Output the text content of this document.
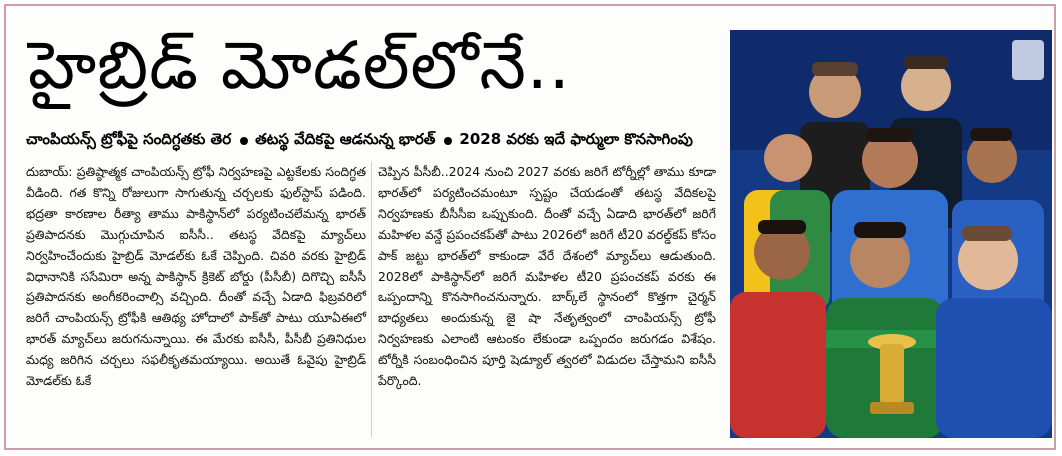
హైబ్రిడ్ మోడల్‌లోనే..
చాంపియన్స్ ట్రోఫీపై సందిగ్ధతకు తెర తటస్థ వేదికపై ఆడనున్న భారత్ 2028 వరకు ఇదే ఫార్ములా కొనసాగింపు

దుబాయ్: ప్రతిష్ఠాత్మక చాంపియన్స్ ట్రోఫీ నిర్వహణపై ఎట్టకేలకు సందిగ్ధత వీడింది. గత కొన్ని రోజులుగా సాగుతున్న చర్చలకు ఫుల్‌స్టాప్ పడింది. భద్రతా కారణాల రీత్యా తాము పాకిస్థాన్‌లో పర్యటించలేమన్న భారత్ ప్రతిపాదనకు మొగ్గుచూపిన ఐసీసీ.. తటస్థ వేదికపై మ్యాచ్‌లు నిర్వహించేందుకు హైబ్రిడ్ మోడల్‌కు ఓకే చెప్పింది. చివరి వరకు హైబ్రిడ్ విధానానికి ససేమిరా అన్న పాకిస్థాన్ క్రికెట్ బోర్డు (పీసీబీ) దిగొచ్చి ఐసీసీ ప్రతిపాదనకు అంగీకరించాల్సి వచ్చింది. దీంతో వచ్చే ఏడాది ఫిబ్రవరిలో జరిగే చాంపియన్స్ ట్రోఫీకి ఆతిథ్య హోదాలో పాక్‌తో పాటు యూఏఈలో భారత్ మ్యాచ్‌లు జరుగనున్నాయి. ఈ మేరకు ఐసీసీ, పీసీబీ ప్రతినిధుల మధ్య జరిగిన చర్చలు సఫలీకృతమయ్యాయి. అయితే ఓవైపు హైబ్రిడ్ మోడల్‌కు ఓకే

చెప్పిన పీసీబీ..2024 నుంచి 2027 వరకు జరిగే టోర్నీల్లో తాము కూడా భారత్‌లో పర్యటించమంటూ స్పష్టం చేయడంతో తటస్థ వేదికలపై నిర్వహణకు బీసీసీఐ ఒప్పుకుంది. దీంతో వచ్చే ఏడాది భారత్‌లో జరిగే మహిళల వన్డే ప్రపంచకప్‌తో పాటు 2026లో జరిగే టీ20 వరల్డ్‌కప్ కోసం పాక్ జట్టు భారత్‌లో కాకుండా వేరే దేశంలో మ్యాచ్‌లు ఆడుతుంది. 2028లో పాకిస్థాన్‌లో జరిగే మహిళల టీ20 ప్రపంచకప్ వరకు ఈ ఒప్పందాన్ని కొనసాగించనున్నారు. బార్క్‌లే స్థానంలో కొత్తగా చైర్మన్ బాధ్యతలు అందుకున్న జై షా నేతృత్వంలో చాంపియన్స్ ట్రోఫీ నిర్వహణకు ఎలాంటి ఆటంకం లేకుండా ఒప్పందం జరుగడం విశేషం. టోర్నీకి సంబంధించిన పూర్తి షెడ్యూల్ త్వరలో విడుదల చేస్తామని ఐసీసీ పేర్కొంది.
